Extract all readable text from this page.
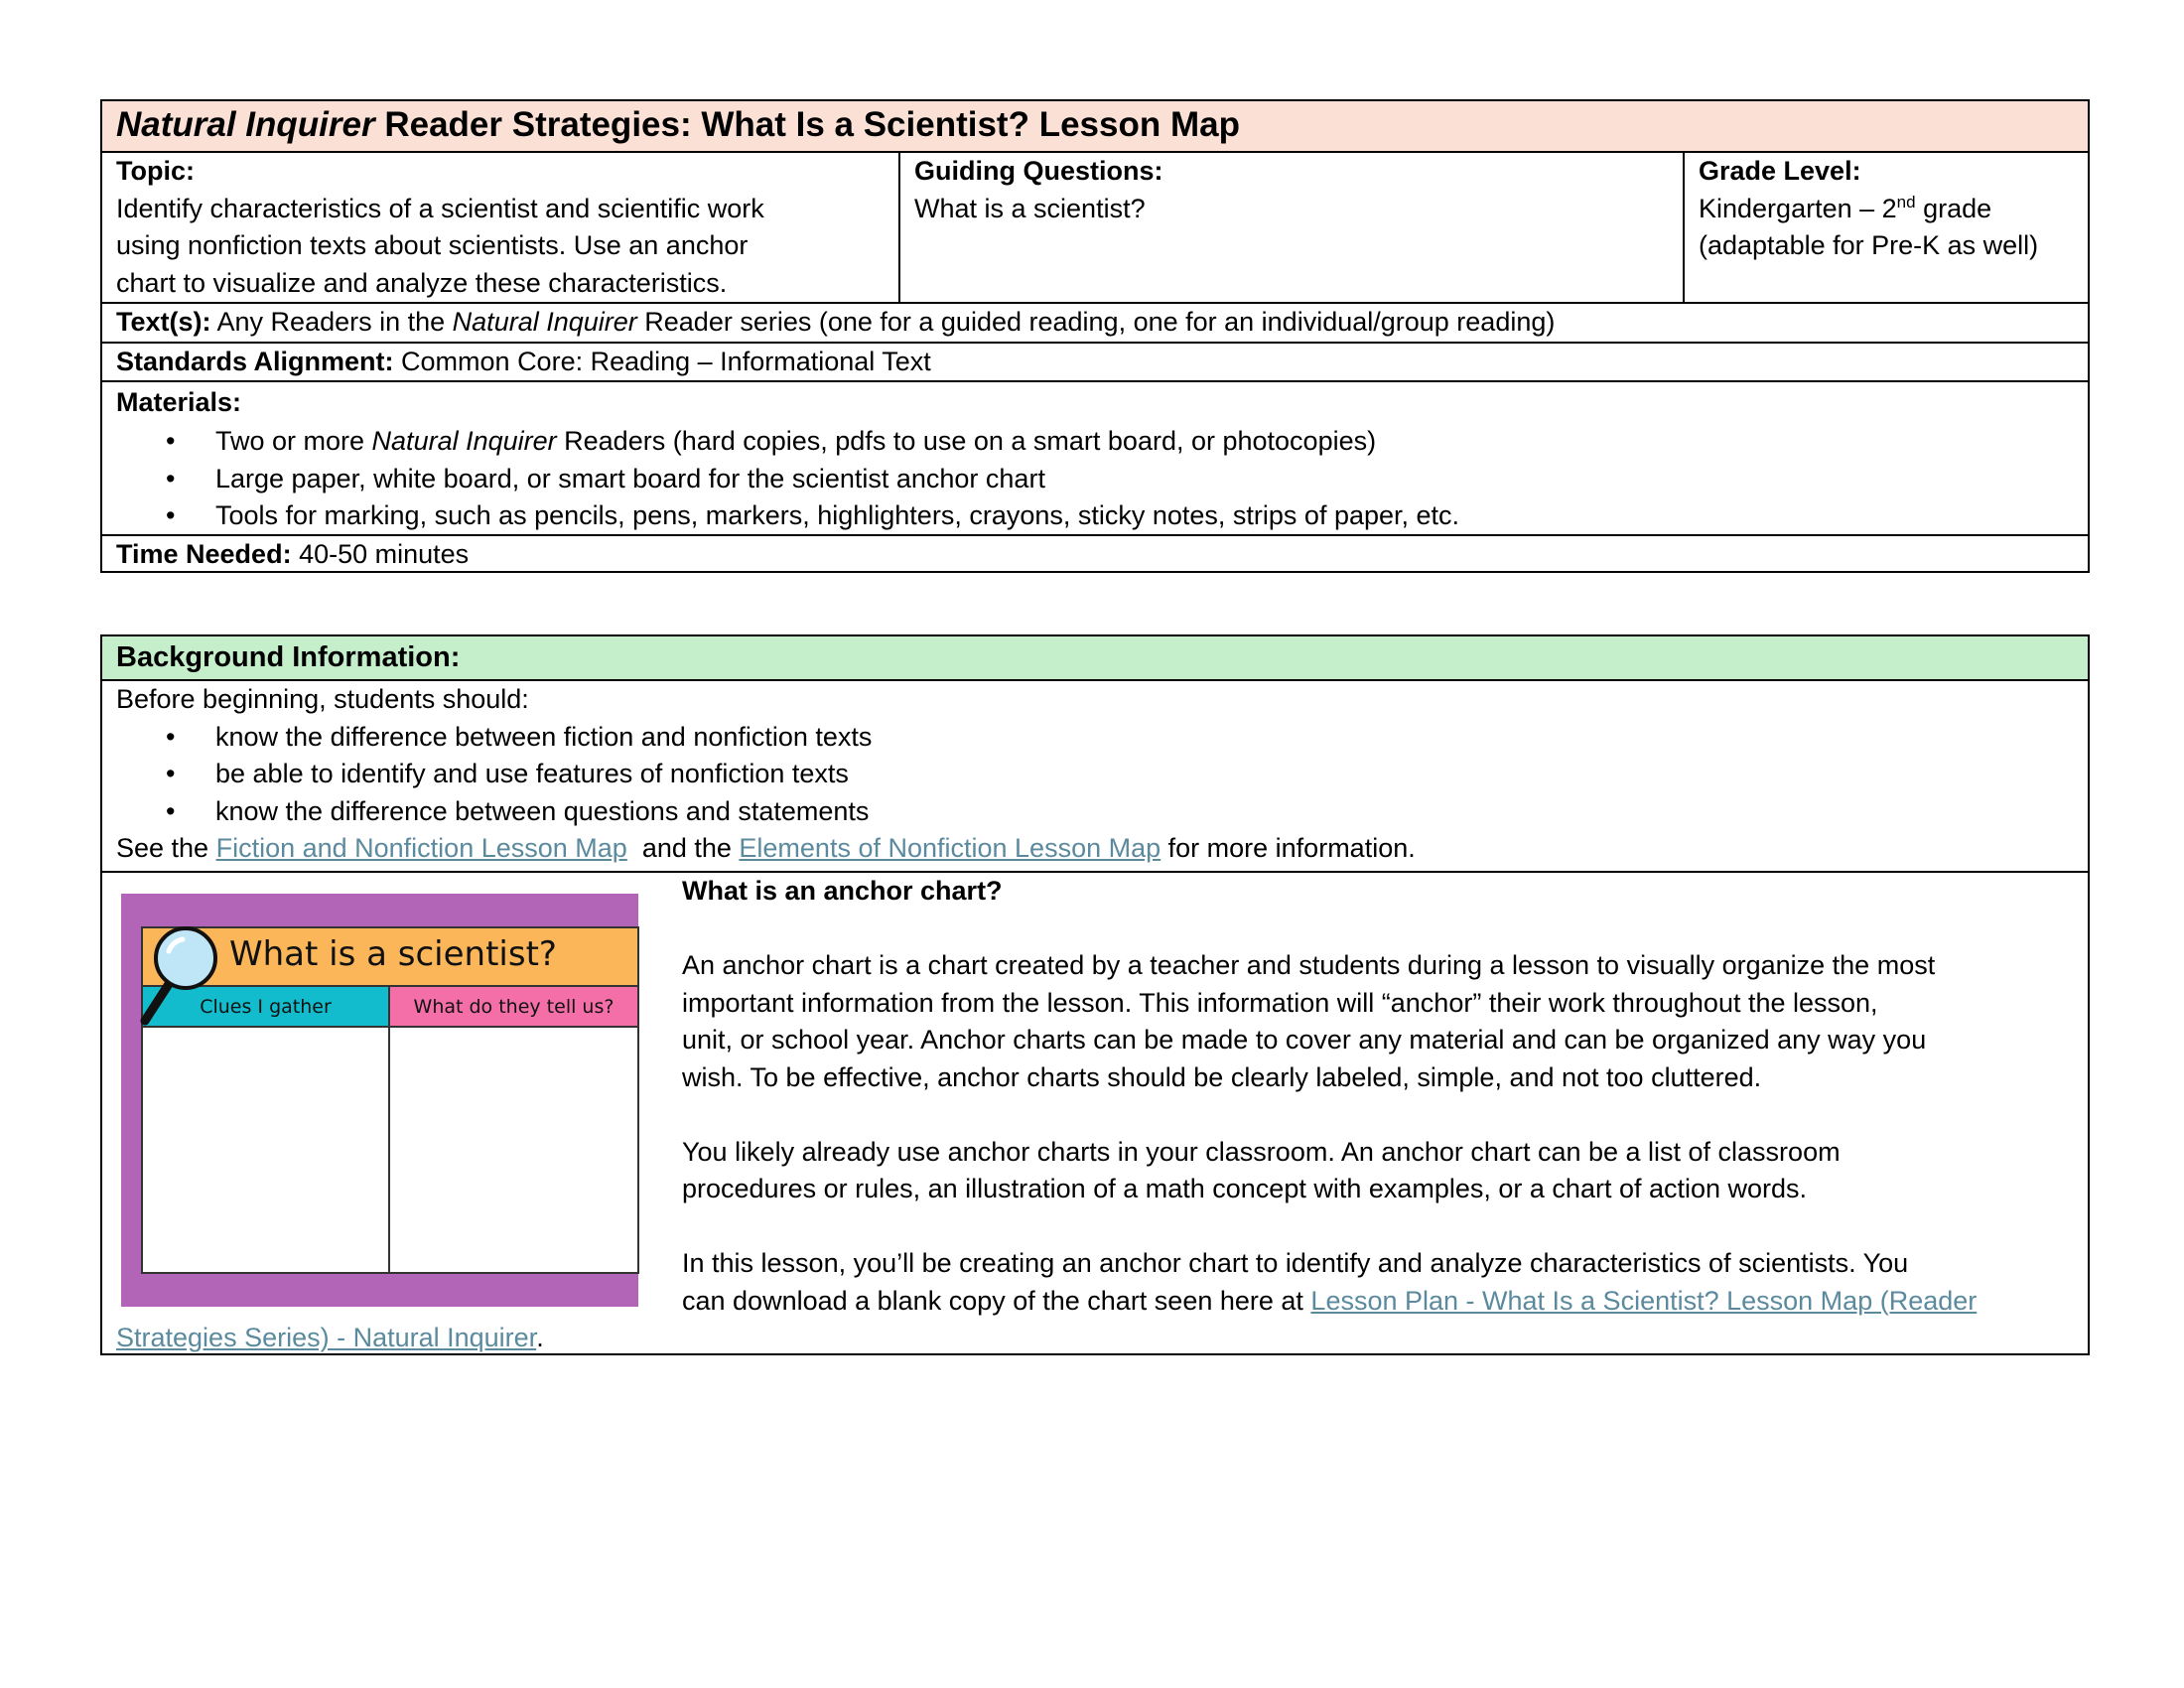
Natural Inquirer Reader Strategies: What Is a Scientist? Lesson Map
Topic:
Identify characteristics of a scientist and scientific work
using nonfiction texts about scientists. Use an anchor
chart to visualize and analyze these characteristics.
Guiding Questions:
What is a scientist?
Grade Level:
Kindergarten – 2nd grade
(adaptable for Pre-K as well)
Text(s): Any Readers in the Natural Inquirer Reader series (one for a guided reading, one for an individual/group reading)
Standards Alignment: Common Core: Reading – Informational Text
Materials:
• Two or more Natural Inquirer Readers (hard copies, pdfs to use on a smart board, or photocopies)
• Large paper, white board, or smart board for the scientist anchor chart
• Tools for marking, such as pencils, pens, markers, highlighters, crayons, sticky notes, strips of paper, etc.
Time Needed: 40-50 minutes
Background Information:
Before beginning, students should:
• know the difference between fiction and nonfiction texts
• be able to identify and use features of nonfiction texts
• know the difference between questions and statements
See the Fiction and Nonfiction Lesson Map  and the Elements of Nonfiction Lesson Map for more information.
What is an anchor chart?
An anchor chart is a chart created by a teacher and students during a lesson to visually organize the most
important information from the lesson. This information will “anchor” their work throughout the lesson,
unit, or school year. Anchor charts can be made to cover any material and can be organized any way you
wish. To be effective, anchor charts should be clearly labeled, simple, and not too cluttered.
You likely already use anchor charts in your classroom. An anchor chart can be a list of classroom
procedures or rules, an illustration of a math concept with examples, or a chart of action words.
In this lesson, you’ll be creating an anchor chart to identify and analyze characteristics of scientists. You
can download a blank copy of the chart seen here at Lesson Plan - What Is a Scientist? Lesson Map (Reader
Strategies Series) - Natural Inquirer.
What is a scientist?
Clues I gather	What do they tell us?
